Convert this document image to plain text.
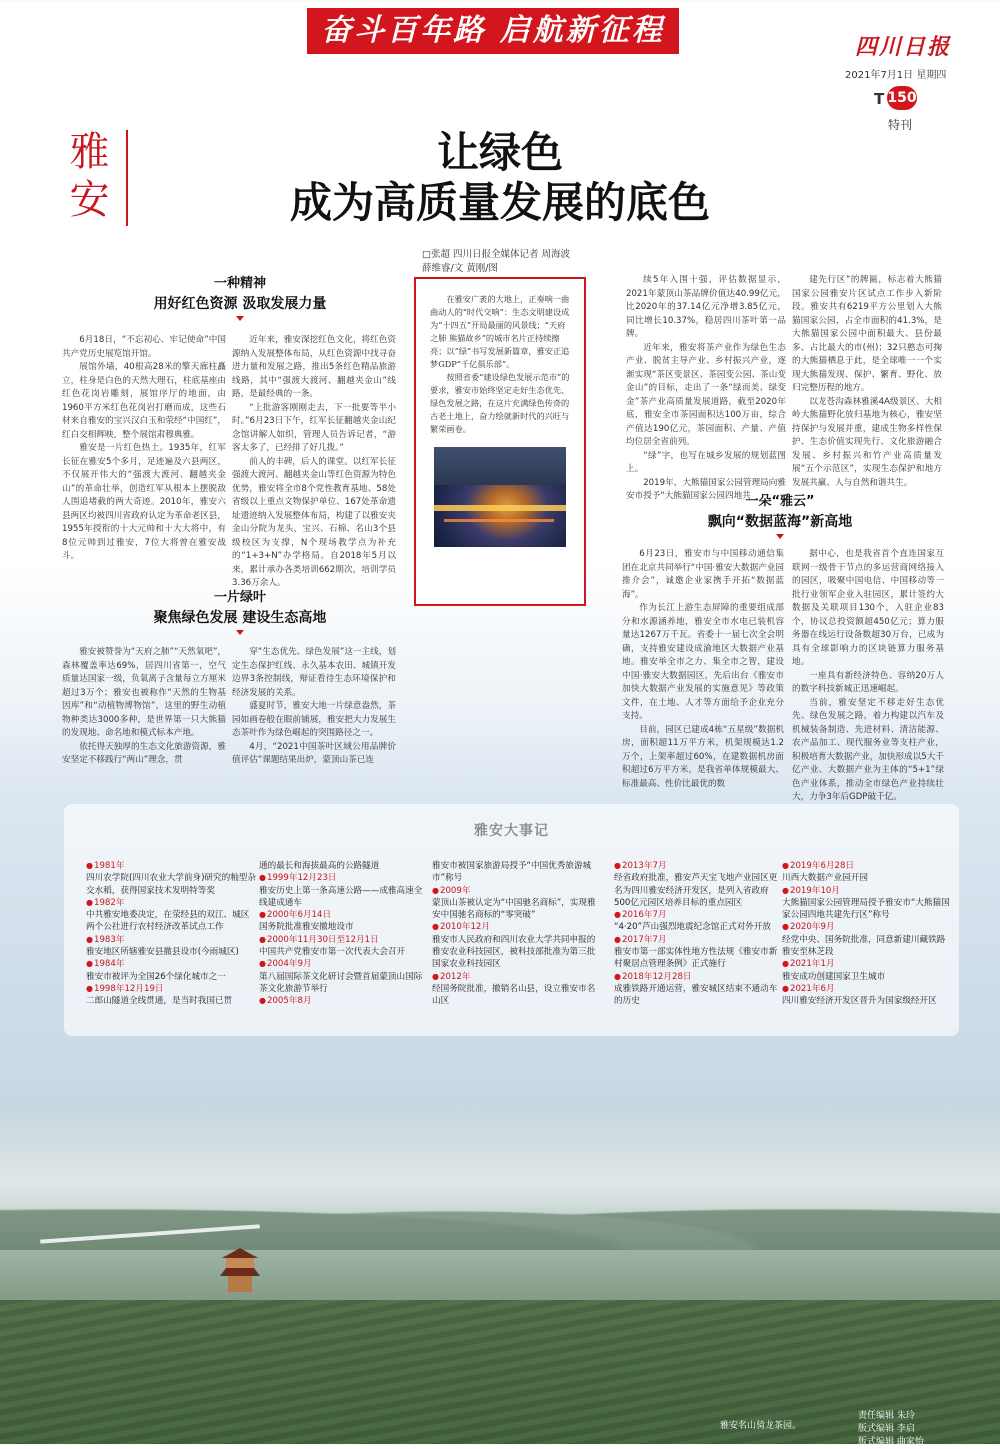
奋斗百年路 启航新征程	四川日报
2021年7月1日 星期四
T 150
特刊
雅安
让绿色
成为高质量发展的底色
□张超 四川日报全媒体记者 周海波
薛维睿/文 黄刚/图

在雅安广袤的大地上，正奏响一曲曲动人的“时代交响”：生态文明建设成为“十四五”开局最丽的风景线；“天府之肺 熊猫故乡”的城市名片正持续擦亮；以“绿”书写发展新篇章，雅安正追梦GDP“千亿俱乐部”。

按照省委“建设绿色发展示范市”的要求，雅安市始终坚定走好生态优先、绿色发展之路，在这片充满绿色传奇的古老土地上，奋力绘就新时代的兴旺与繁荣画卷。

一种精神
用好红色资源 汲取发展力量

6月18日，“不忘初心、牢记使命”中国共产党历史展览馆开馆。

展馆外墙，40根高28米的擎天廊柱矗立，柱身是白色的天然大理石，柱底基座由红色花岗岩雕刻，展馆序厅的地面，由1960平方米红色花岗岩打磨而成，这些石材来自雅安的宝兴汉白玉和荥经“中国红”，红白交相辉映，整个展馆肃穆典雅。

雅安是一片红色热土。1935年，红军长征在雅安5个多月，足迹遍及六县两区，不仅展开伟大的“强渡大渡河、翻越夹金山”的革命壮举，创造红军从根本上摆脱敌人围追堵截的两大奇迹。2010年，雅安六县两区均被四川省政府认定为革命老区县，1955年授衔的十大元帅和十大大将中，有8位元帅到过雅安，7位大将曾在雅安战斗。

近年来，雅安深挖红色文化，将红色资源纳入发展整体布局，从红色资源中找寻奋进力量和发展之路，推出5条红色精品旅游线路，其中“强渡大渡河、翻越夹金山”线路，是最经典的一条。

“上批游客刚刚走去，下一批要等半小时。”6月23日下午，红军长征翻越夹金山纪念馆讲解人如织，管理人员告诉记者，“游客太多了，已经排了好几拨。”

前人的丰碑，后人的课堂。以红军长征强渡大渡河、翻越夹金山等红色资源为特色优势，雅安将全市8个党性教育基地、58处省级以上重点文物保护单位、167处革命遗址遗迹纳入发展整体布局，构建了以雅安夹金山分院为龙头，宝兴、石棉、名山3个县级校区为支撑，N个现场教学点为补充的“1+3+N”办学格局。自2018年5月以来，累计承办各类培训662期次，培训学员3.36万余人。

一片绿叶
聚焦绿色发展 建设生态高地

雅安被赞誉为“天府之肺”“天然氧吧”，森林覆盖率达69%，居四川省第一，空气质量达国家一级，负氧离子含量每立方厘米超过3万个；雅安也被称作“天然的生物基因库”和“动植物博物馆”，这里的野生动植物种类达3000多种，是世界第一只大熊猫的发现地、命名地和模式标本产地。

依托得天独厚的生态文化旅游资源，雅安坚定不移践行“两山”理念，贯

穿“生态优先、绿色发展”这一主线，划定生态保护红线、永久基本农田、城镇开发边界3条控制线，辩证看待生态环境保护和经济发展的关系。

盛夏时节，雅安大地一片绿意盎然，茶园如画卷般在眼前铺展，雅安把大力发展生态茶叶作为绿色崛起的突围路径之一。

4月，“2021中国茶叶区域公用品牌价值评估”课题结果出炉，蒙顶山茶已连

续5年入围十强，评估数据显示，2021年蒙顶山茶品牌价值达40.99亿元，比2020年的37.14亿元净增3.85亿元，同比增长10.37%，稳居四川茶叶第一品牌。

近年来，雅安将茶产业作为绿色生态产业、脱贫主导产业、乡村振兴产业，逐渐实现“茶区变景区、茶园变公园、茶山变金山”的目标，走出了一条“绿而美、绿变金”茶产业高质量发展道路，截至2020年底，雅安全市茶园面积达100万亩，综合产值达190亿元，茶园面积、产量、产值均位居全省前列。

“绿”字，也写在城乡发展的规划蓝图上。

2019年，大熊猫国家公园管理局向雅安市授予“大熊猫国家公园四地共

建先行区”的牌匾，标志着大熊猫国家公园雅安片区试点工作步入新阶段。雅安共有6219平方公里划入大熊猫国家公园，占全市面积的41.3%，是大熊猫国家公园中面积最大、县份最多、占比最大的市(州)；32只憨态可掬的大熊猫栖息于此，是全球唯一一个实现大熊猫发现、保护、繁育、野化、放归完整历程的地方。

以龙苍沟森林雅溪4A级景区、大相岭大熊猫野化放归基地为核心，雅安坚持保护与发展并重，建成生物多样性保护、生态价值实现先行、文化旅游融合发展、乡村振兴和竹产业高质量发展“五个示范区”，实现生态保护和地方发展共赢、人与自然和谐共生。

一朵“雅云”
飘向“数据蓝海”新高地

6月23日，雅安市与中国移动通信集团在北京共同举行“中国·雅安大数据产业园推介会”，诚邀企业家携手开拓“数据蓝海”。

作为长江上游生态屏障的重要组成部分和水源涵养地，雅安全市水电已装机容量达1267万千瓦。省委十一届七次全会明确，支持雅安建设成渝地区大数据产业基地。雅安举全市之力、集全市之智，建设中国·雅安大数据园区，先后出台《雅安市加快大数据产业发展的实施意见》等政策文件，在土地、人才等方面给予企业充分支持。

目前，园区已建成4栋“五星级”数据机房，面积超11万平方米，机架规模达1.2万个，上架率超过60%，在建数据机房面积超过6万平方米，是我省单体规模最大、标准最高、性价比最优的数

据中心，也是我省首个直连国家互联网一级骨干节点的多运营商网络接入的园区，吸聚中国电信、中国移动等一批行业领军企业入驻园区，累计签约大数据及关联项目130个，入驻企业83个，协议总投资额超450亿元；算力服务器在线运行设备数超30万台，已成为具有全球影响力的区块链算力服务基地。

一座具有新经济特色、容纳20万人的数字科技新城正迅速崛起。

当前，雅安坚定不移走好生态优先、绿色发展之路，着力构建以汽车及机械装备制造、先进材料、清洁能源、农产品加工、现代服务业等支柱产业，积极培育大数据产业，加快形成以5大千亿产业、大数据产业为主体的“5+1”绿色产业体系，推动全市绿色产业持续壮大，力争3年后GDP破千亿。

雅安大事记
● 1981年
四川农学院(四川农业大学前身)研究的籼型杂交水稻，获得国家技术发明特等奖
● 1982年
中共雅安地委决定，在荥经县的双江、城区两个公社进行农村经济改革试点工作
● 1983年
雅安地区所辖雅安县撤县设市(今雨城区)
● 1984年
雅安市被评为全国26个绿化城市之一
● 1998年12月19日
二郎山隧道全线贯通，是当时我国已贯
通的最长和海拔最高的公路隧道
● 1999年12月23日
雅安历史上第一条高速公路——成雅高速全线建成通车
● 2000年6月14日
国务院批准雅安撤地设市
● 2000年11月30日至12月1日
中国共产党雅安市第一次代表大会召开
● 2004年9月
第八届国际茶文化研讨会暨首届蒙顶山国际茶文化旅游节举行
● 2005年8月
雅安市被国家旅游局授予“中国优秀旅游城市”称号
● 2009年
蒙顶山茶被认定为“中国驰名商标”，实现雅安中国驰名商标的“零突破”
● 2010年12月
雅安市人民政府和四川农业大学共同申报的雅安农业科技园区，被科技部批准为第三批国家农业科技园区
● 2012年
经国务院批准，撤销名山县，设立雅安市名山区
● 2013年7月
经省政府批准，雅安芦天宝飞地产业园区更名为四川雅安经济开发区，是列入省政府500亿元园区培养目标的重点园区
● 2016年7月
“4·20”芦山强烈地震纪念馆正式对外开放
● 2017年7月
雅安市第一部实体性地方性法规《雅安市新村聚居点管理条例》正式施行
● 2018年12月28日
成雅铁路开通运营，雅安城区结束不通动车的历史
● 2019年6月28日
川西大数据产业园开园
● 2019年10月
大熊猫国家公园管理局授予雅安市“大熊猫国家公园四地共建先行区”称号
● 2020年9月
经党中央、国务院批准，同意新建川藏铁路雅安至林芝段
● 2021年1月
雅安成功创建国家卫生城市
● 2021年6月
四川雅安经济开发区晋升为国家级经开区
雅安名山骑龙茶园。
责任编辑 朱玲
版式编辑 李启
版式编辑 曲家怡
